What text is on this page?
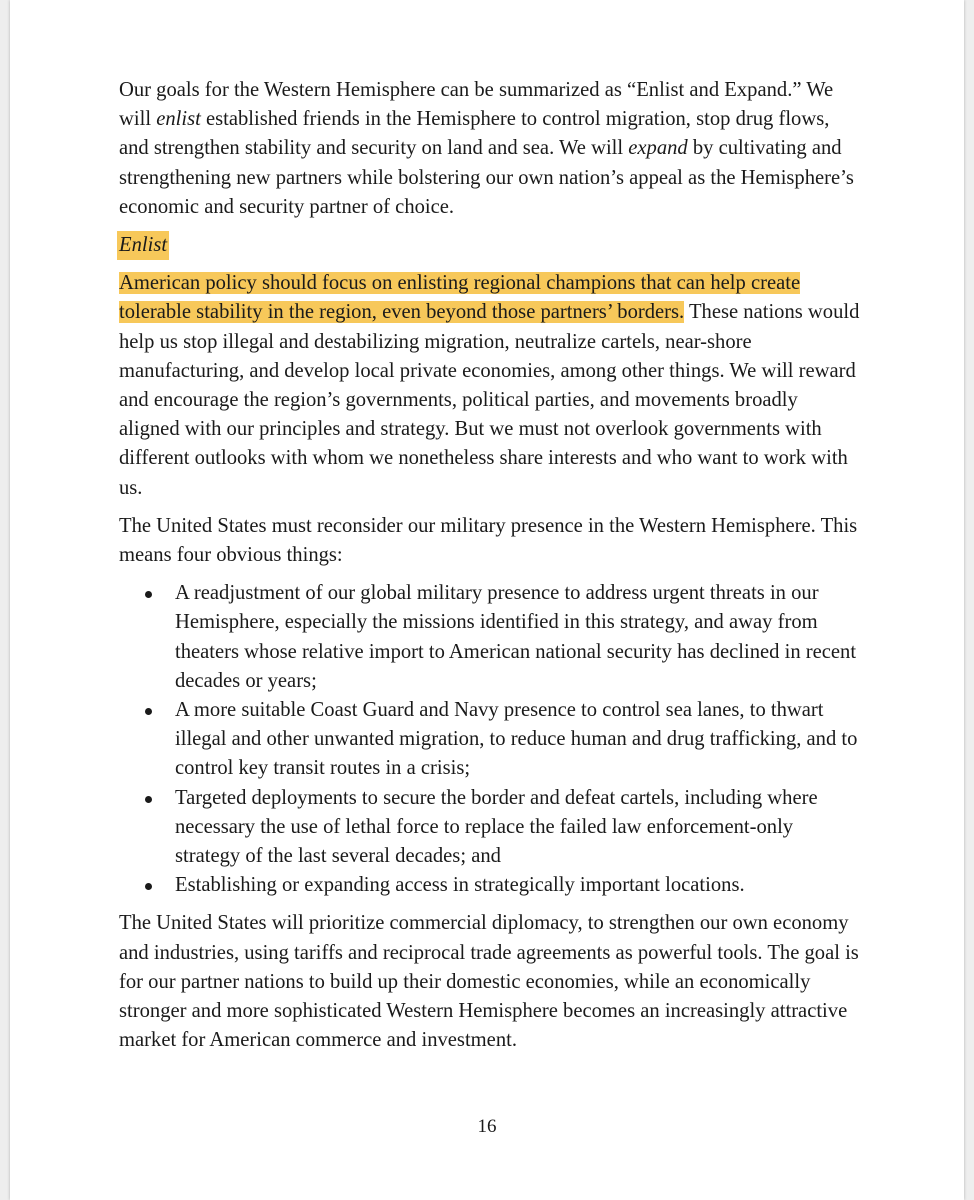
Our goals for the Western Hemisphere can be summarized as “Enlist and Expand.” We will enlist established friends in the Hemisphere to control migration, stop drug flows, and strengthen stability and security on land and sea. We will expand by cultivating and strengthening new partners while bolstering our own nation’s appeal as the Hemisphere’s economic and security partner of choice.

Enlist

American policy should focus on enlisting regional champions that can help create tolerable stability in the region, even beyond those partners’ borders. These nations would help us stop illegal and destabilizing migration, neutralize cartels, near-shore manufacturing, and develop local private economies, among other things. We will reward and encourage the region’s governments, political parties, and movements broadly aligned with our principles and strategy. But we must not overlook governments with different outlooks with whom we nonetheless share interests and who want to work with us.

The United States must reconsider our military presence in the Western Hemisphere. This means four obvious things:

A readjustment of our global military presence to address urgent threats in our Hemisphere, especially the missions identified in this strategy, and away from theaters whose relative import to American national security has declined in recent decades or years;
A more suitable Coast Guard and Navy presence to control sea lanes, to thwart illegal and other unwanted migration, to reduce human and drug trafficking, and to control key transit routes in a crisis;
Targeted deployments to secure the border and defeat cartels, including where necessary the use of lethal force to replace the failed law enforcement-only strategy of the last several decades; and
Establishing or expanding access in strategically important locations.

The United States will prioritize commercial diplomacy, to strengthen our own economy and industries, using tariffs and reciprocal trade agreements as powerful tools. The goal is for our partner nations to build up their domestic economies, while an economically stronger and more sophisticated Western Hemisphere becomes an increasingly attractive market for American commerce and investment.

16
